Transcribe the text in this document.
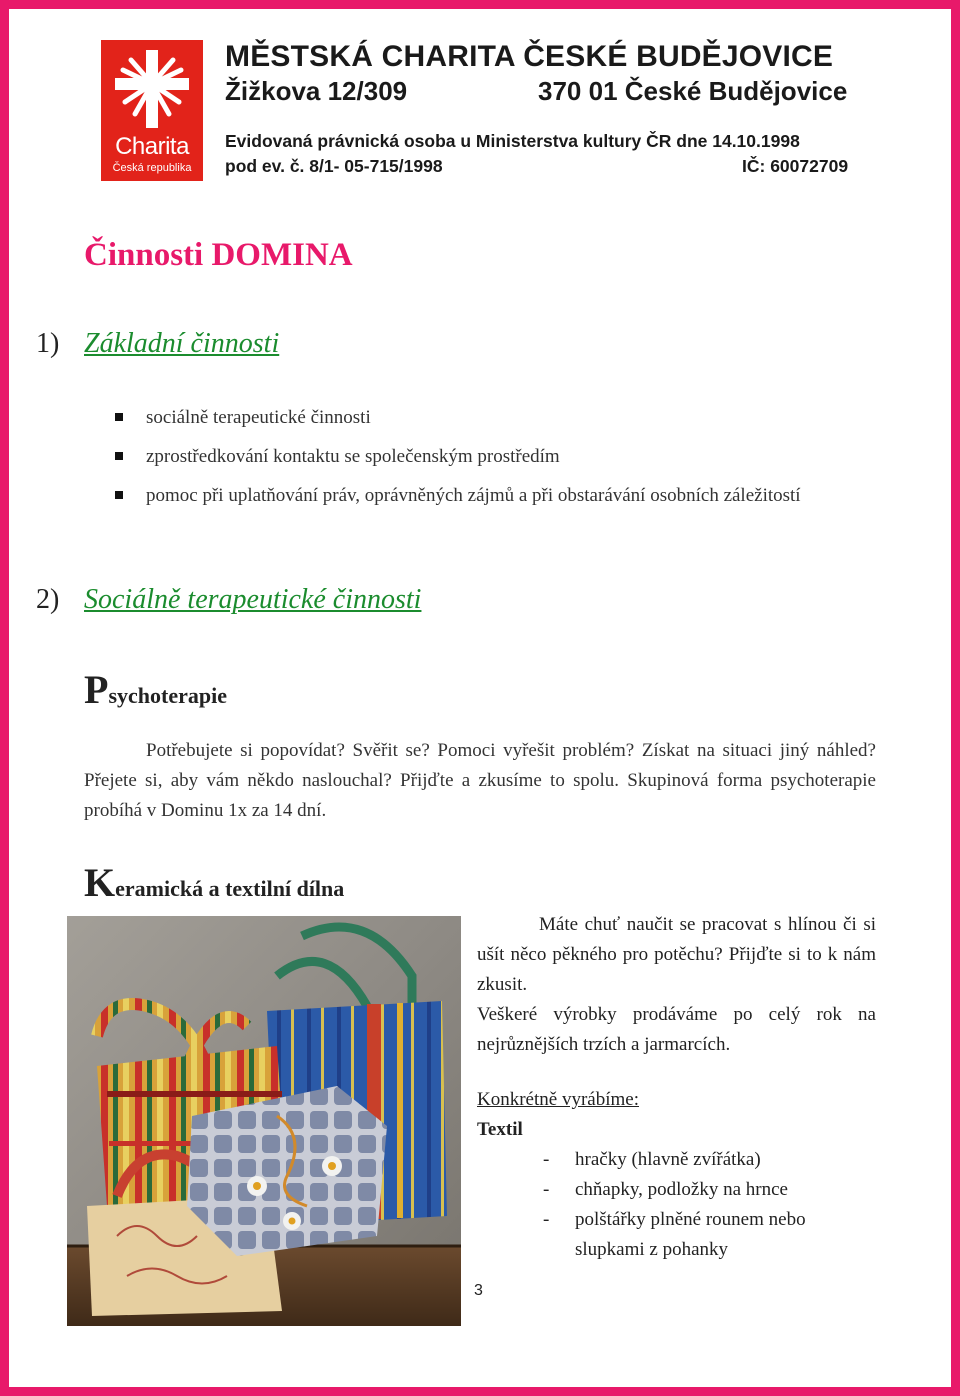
Charita
Česká republika
MĚSTSKÁ CHARITA ČESKÉ BUDĚJOVICE
Žižkova 12/309	370 01 České Budějovice
Evidovaná právnická osoba u Ministerstva kultury ČR dne 14.10.1998
pod ev. č. 8/1- 05-715/1998	IČ: 60072709
Činnosti DOMINA
1) Základní činnosti
sociálně terapeutické činnosti
zprostředkování kontaktu se společenským prostředím
pomoc při uplatňování práv, oprávněných zájmů a při obstarávání osobních záležitostí
2) Sociálně terapeutické činnosti
Psychoterapie
Potřebujete si popovídat? Svěřit se? Pomoci vyřešit problém? Získat na situaci jiný náhled? Přejete si, aby vám někdo naslouchal? Přijďte a zkusíme to spolu. Skupinová forma psychoterapie probíhá v Dominu 1x za 14 dní.
Keramická a textilní dílna

Máte chuť naučit se pracovat s hlínou či si ušít něco pěkného pro potěchu? Přijďte si to k nám zkusit.

Veškeré výrobky prodáváme po celý rok na nejrůznějších trzích a jarmarcích.

Konkrétně vyrábíme:
Textil
- hračky (hlavně zvířátka)
- chňapky, podložky na hrnce
- polštářky plněné rounem nebo slupkami z pohanky
3
